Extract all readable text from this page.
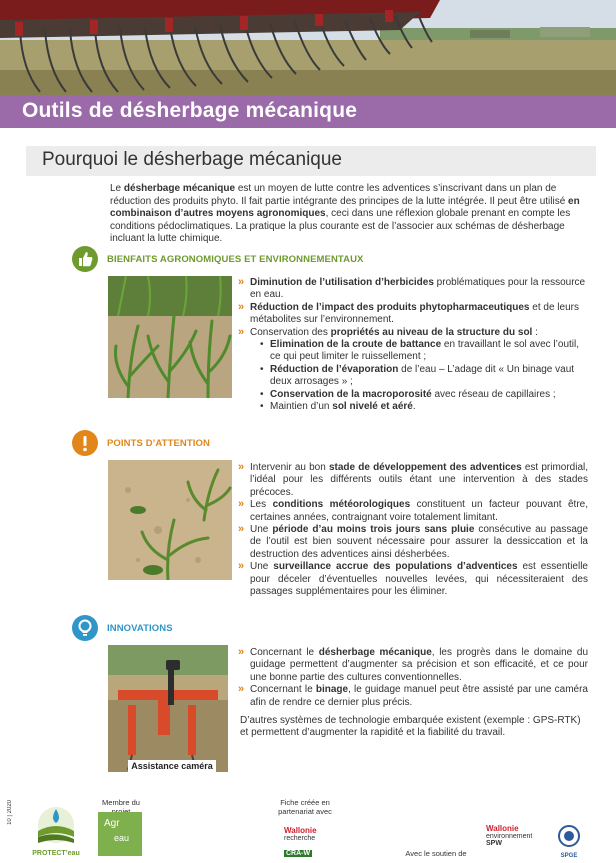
Outils de désherbage mécanique
Pourquoi le désherbage mécanique
Le désherbage mécanique est un moyen de lutte contre les adventices s’inscrivant dans un plan de réduction des produits phyto. Il fait partie intégrante des principes de la lutte intégrée. Il peut être utilisé en combinaison d’autres moyens agronomiques, ceci dans une réflexion globale prenant en compte les conditions pédoclimatiques. La pratique la plus courante est de l’associer aux schémas de désherbage incluant la lutte chimique.
BIENFAITS AGRONOMIQUES ET ENVIRONNEMENTAUX
» Diminution de l’utilisation d’herbicides problématiques pour la ressource en eau.
» Réduction de l’impact des produits phytopharmaceutiques et de leurs métabolites sur l’environnement.
» Conservation des propriétés au niveau de la structure du sol :
• Elimination de la croute de battance en travaillant le sol avec l’outil, ce qui peut limiter le ruissellement ;
• Réduction de l’évaporation de l’eau – L’adage dit « Un binage vaut deux arrosages » ;
• Conservation de la macroporosité avec réseau de capillaires ;
• Maintien d’un sol nivelé et aéré.
POINTS D’ATTENTION
» Intervenir au bon stade de développement des adventices est primordial, l’idéal pour les différents outils étant une intervention à des stades précoces.
» Les conditions météorologiques constituent un facteur pouvant être, certaines années, contraignant voire totalement limitant.
» Une période d’au moins trois jours sans pluie consécutive au passage de l’outil est bien souvent nécessaire pour assurer la dessiccation et la destruction des adventices ainsi désherbées.
» Une surveillance accrue des populations d’adventices est essentielle pour déceler d’éventuelles nouvelles levées, qui nécessiteraient des passages supplémentaires pour les éliminer.
INNOVATIONS
Assistance caméra
» Concernant le désherbage mécanique, les progrès dans le domaine du guidage permettent d’augmenter sa précision et son efficacité, et ce pour une bonne partie des cultures conventionnelles.
» Concernant le binage, le guidage manuel peut être assisté par une caméra afin de rendre ce dernier plus précis.
D’autres systèmes de technologie embarquée existent (exemple : GPS-RTK) et permettent d’augmenter la rapidité et la fiabilité du travail.
10 | 2020
PROTECT’eau
Membre du
Agr
eau
Fiche créée en partenariat avec
Wallonie
recherche
CRA-W	Avec le soutien de
Wallonie
environnement
SPW
SPGE
